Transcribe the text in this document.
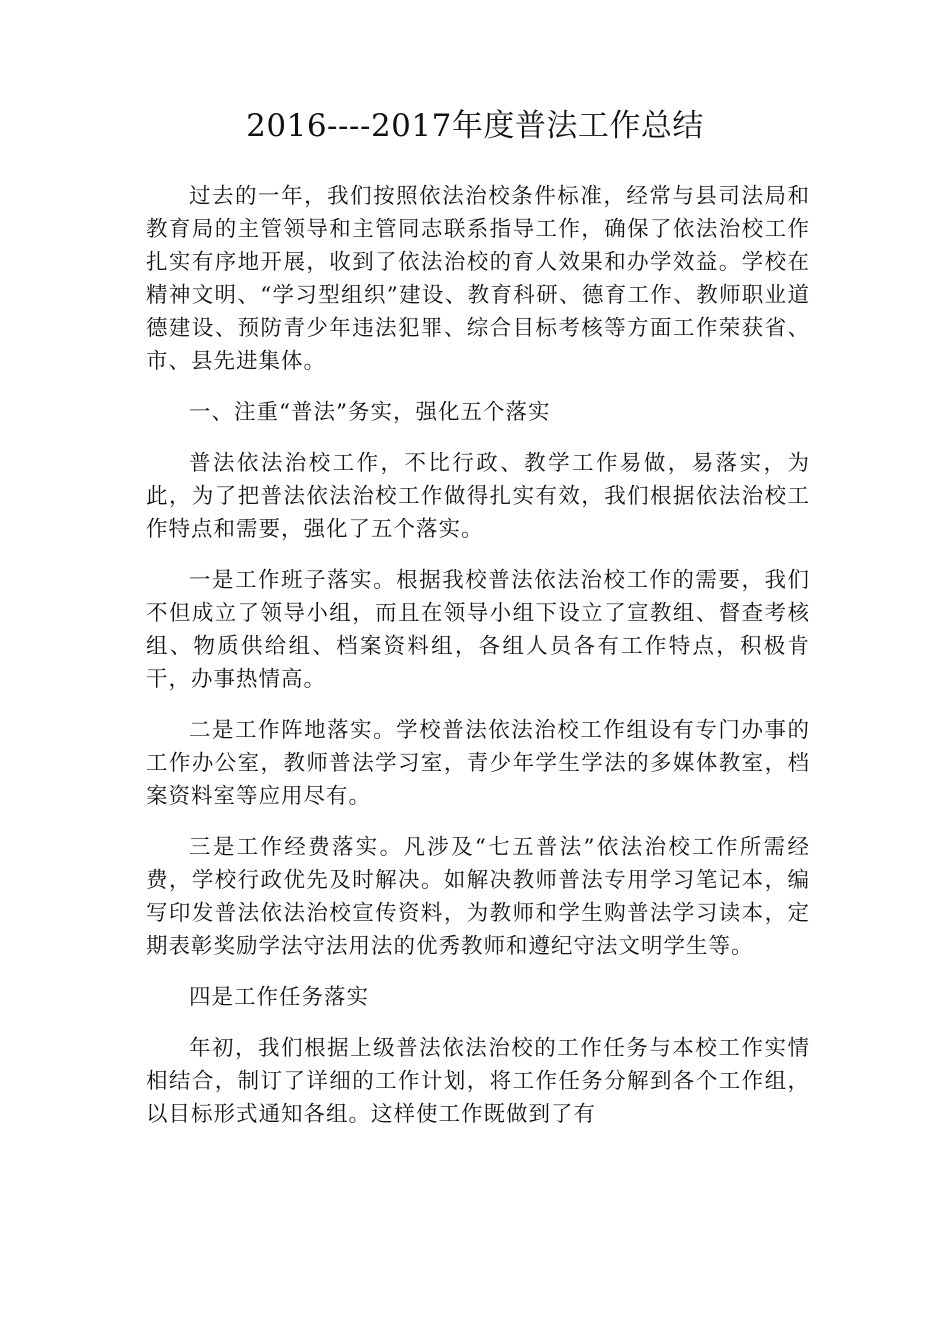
2016----2017年度普法工作总结

过去的一年，我们按照依法治校条件标准，经常与县司法局和教育局的主管领导和主管同志联系指导工作，确保了依法治校工作扎实有序地开展，收到了依法治校的育人效果和办学效益。学校在精神文明、“学习型组织”建设、教育科研、德育工作、教师职业道德建设、预防青少年违法犯罪、综合目标考核等方面工作荣获省、市、县先进集体。

一、注重“普法”务实，强化五个落实

普法依法治校工作，不比行政、教学工作易做，易落实，为此，为了把普法依法治校工作做得扎实有效，我们根据依法治校工作特点和需要，强化了五个落实。

一是工作班子落实。根据我校普法依法治校工作的需要，我们不但成立了领导小组，而且在领导小组下设立了宣教组、督查考核组、物质供给组、档案资料组，各组人员各有工作特点，积极肯干，办事热情高。

二是工作阵地落实。学校普法依法治校工作组设有专门办事的工作办公室，教师普法学习室，青少年学生学法的多媒体教室，档案资料室等应用尽有。

三是工作经费落实。凡涉及“七五普法”依法治校工作所需经费，学校行政优先及时解决。如解决教师普法专用学习笔记本，编写印发普法依法治校宣传资料，为教师和学生购普法学习读本，定期表彰奖励学法守法用法的优秀教师和遵纪守法文明学生等。

四是工作任务落实

年初，我们根据上级普法依法治校的工作任务与本校工作实情相结合，制订了详细的工作计划，将工作任务分解到各个工作组，以目标形式通知各组。这样使工作既做到了有
